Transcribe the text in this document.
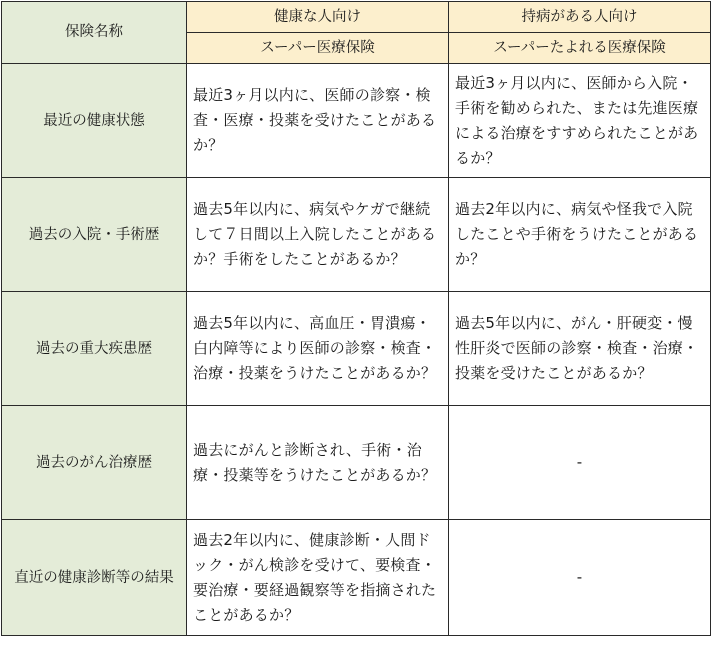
保険名称	健康な人向け	持病がある人向け
	スーパー医療保険	スーパーたよれる医療保険
最近の健康状態	最近3ヶ月以内に、医師の診察・検査・医療・投薬を受けたことがあるか？	最近3ヶ月以内に、医師から入院・手術を勧められた、または先進医療による治療をすすめられたことがあるか？
過去の入院・手術歴	過去5年以内に、病気やケガで継続して７日間以上入院したことがあるか？手術をしたことがあるか？	過去2年以内に、病気や怪我で入院したことや手術をうけたことがあるか？
過去の重大疾患歴	過去5年以内に、高血圧・胃潰瘍・白内障等により医師の診察・検査・治療・投薬をうけたことがあるか？	過去5年以内に、がん・肝硬変・慢性肝炎で医師の診察・検査・治療・投薬を受けたことがあるか？
過去のがん治療歴	過去にがんと診断され、手術・治療・投薬等をうけたことがあるか？	-
直近の健康診断等の結果	過去2年以内に、健康診断・人間ドック・がん検診を受けて、要検査・要治療・要経過観察等を指摘されたことがあるか？	-
